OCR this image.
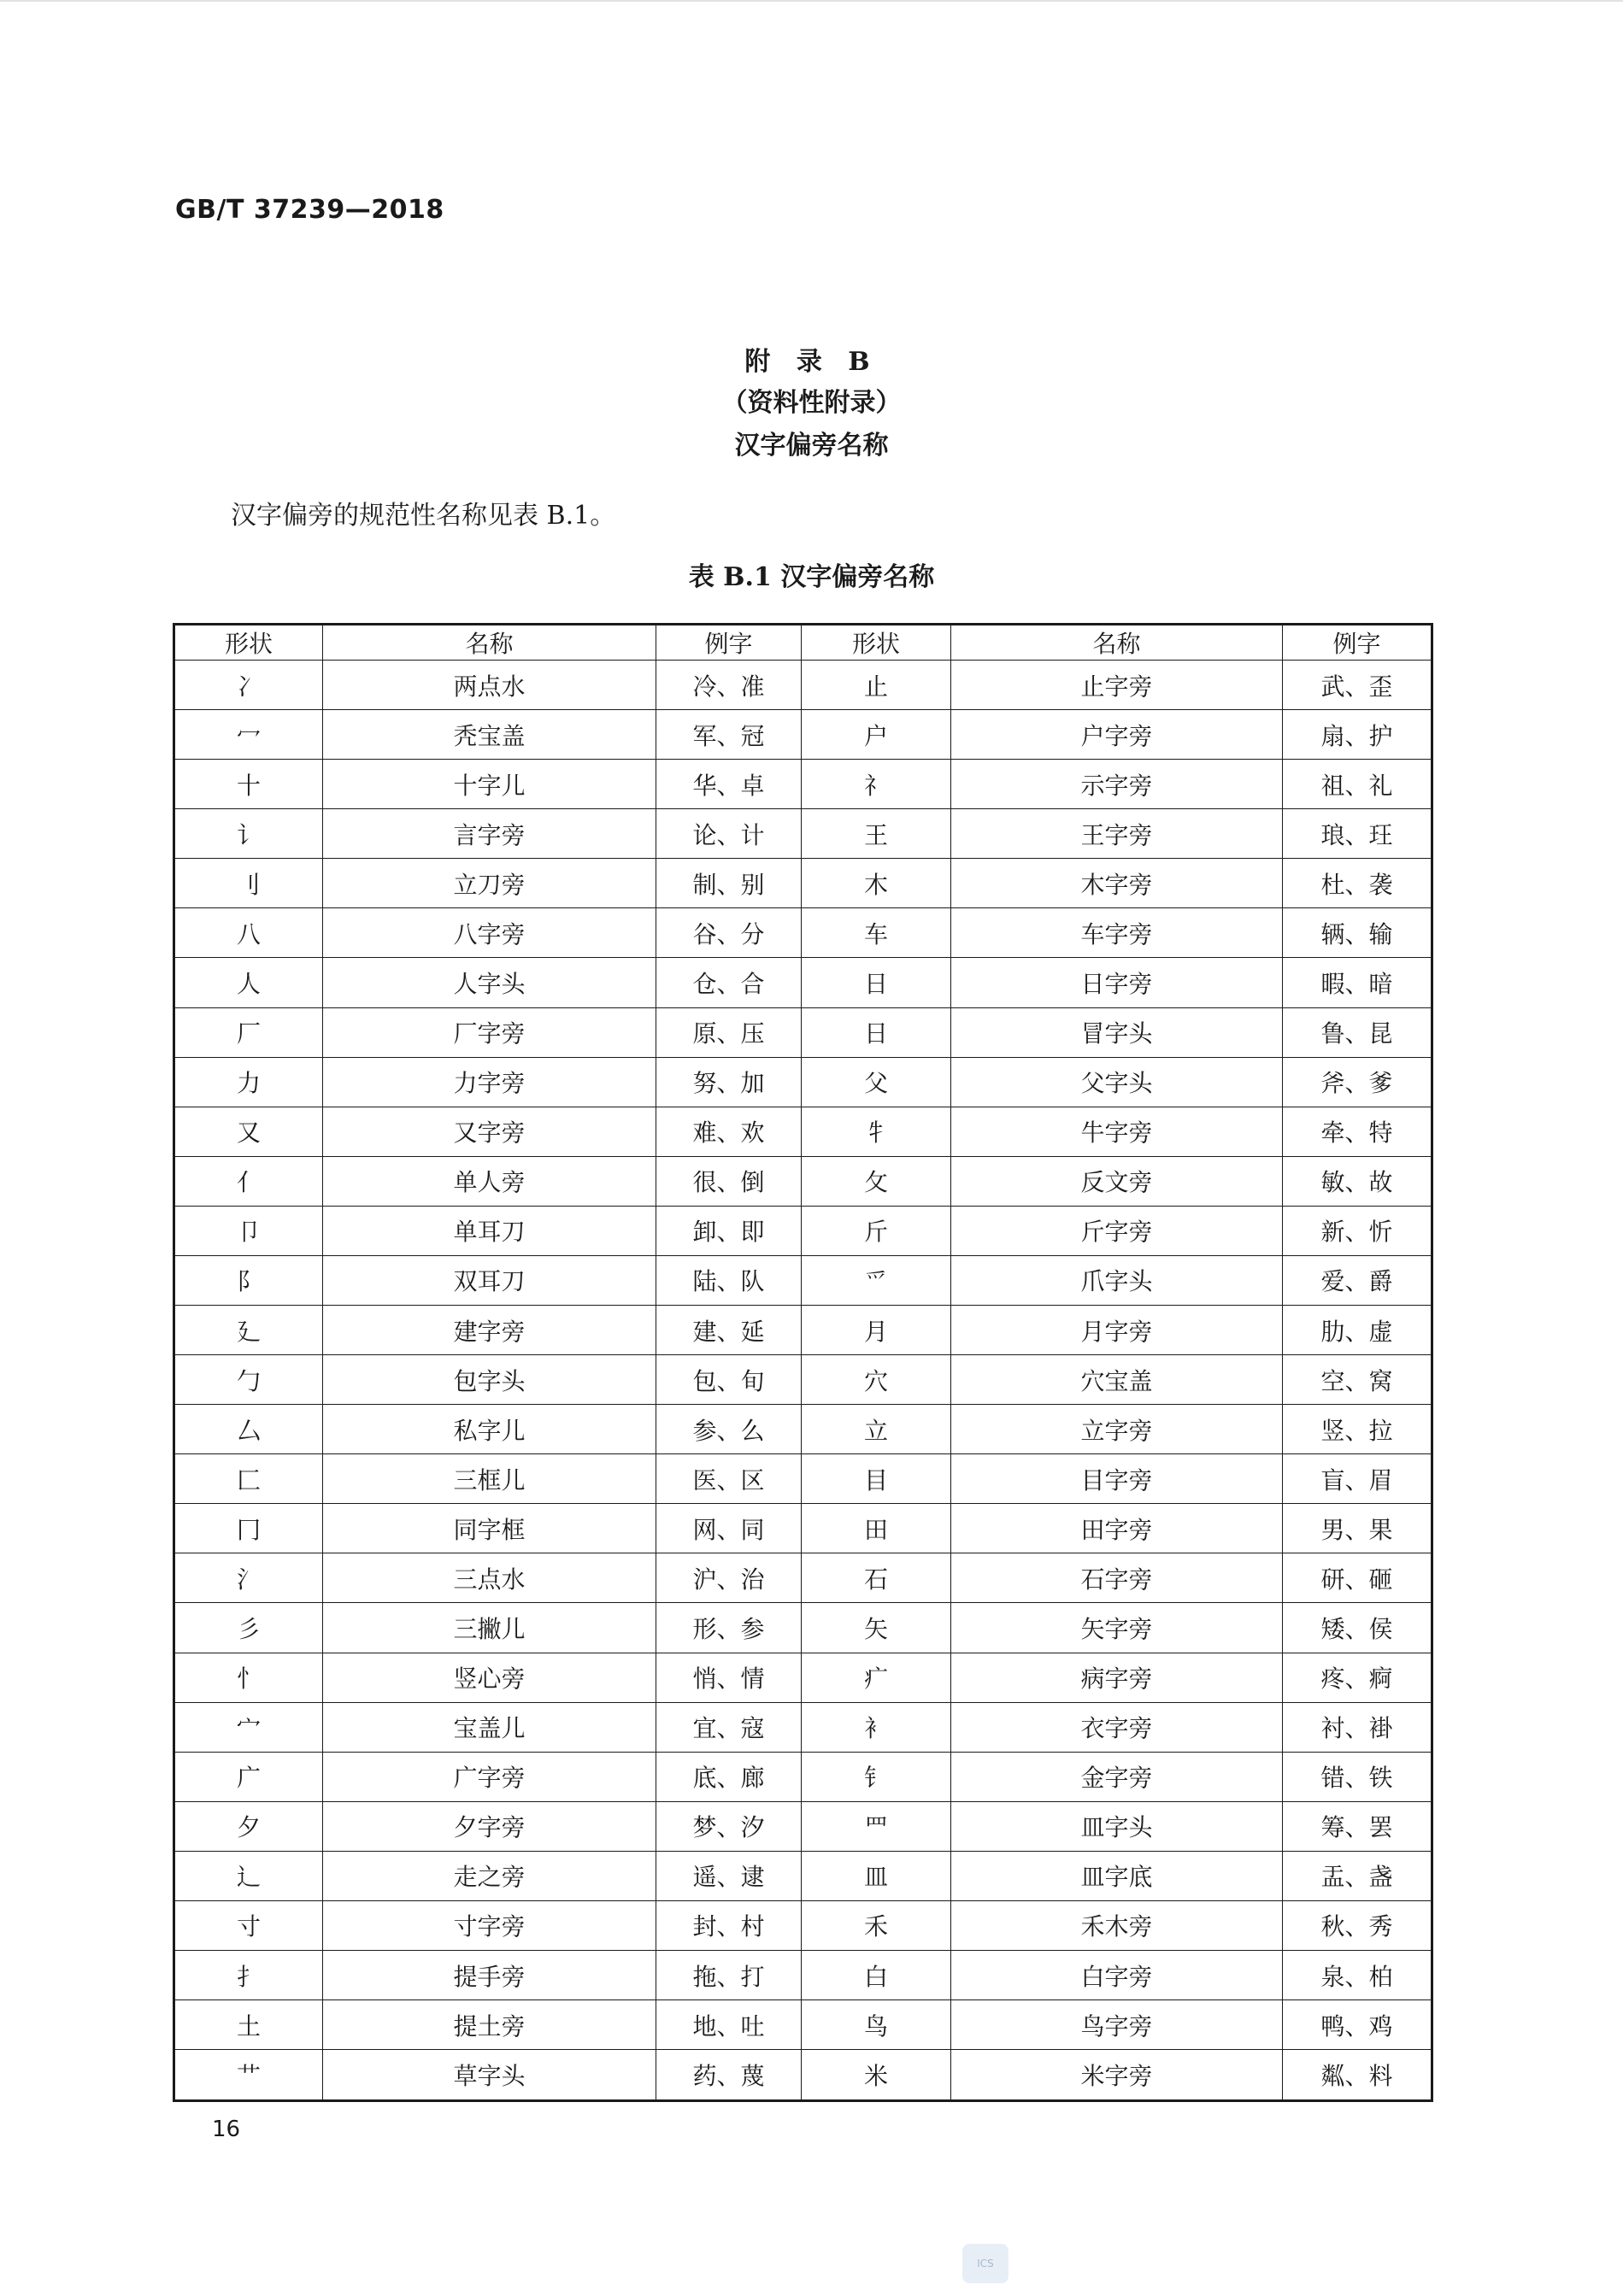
GB/T 37239—2018
附 录 B
（资料性附录）
汉字偏旁名称
汉字偏旁的规范性名称见表 B.1。
表 B.1 汉字偏旁名称
形状	名称	例字	形状	名称	例字
冫	两点水	冷、准	止	止字旁	武、歪
冖	秃宝盖	军、冠	户	户字旁	扇、护
十	十字儿	华、卓	礻	示字旁	祖、礼
讠	言字旁	论、计	王	王字旁	琅、玨
刂	立刀旁	制、别	木	木字旁	杜、袭
八	八字旁	谷、分	车	车字旁	辆、输
人	人字头	仓、合	日	日字旁	暇、暗
厂	厂字旁	原、压	日	冒字头	鲁、昆
力	力字旁	努、加	父	父字头	斧、爹
又	又字旁	难、欢	牜	牛字旁	牵、特
亻	单人旁	很、倒	攵	反文旁	敏、故
卩	单耳刀	卸、即	斤	斤字旁	新、忻
阝	双耳刀	陆、队	爫	爪字头	爱、爵
廴	建字旁	建、延	月	月字旁	肋、虚
勹	包字头	包、旬	穴	穴宝盖	空、窝
厶	私字儿	参、么	立	立字旁	竖、拉
匚	三框儿	医、区	目	目字旁	盲、眉
冂	同字框	网、同	田	田字旁	男、果
氵	三点水	沪、治	石	石字旁	研、砸
彡	三撇儿	形、参	矢	矢字旁	矮、侯
忄	竖心旁	悄、情	疒	病字旁	疼、痾
宀	宝盖儿	宜、寇	衤	衣字旁	衬、褂
广	广字旁	底、廊	钅	金字旁	错、铁
夕	夕字旁	梦、汐	罒	皿字头	筹、罢
辶	走之旁	遥、逮	皿	皿字底	盂、盏
寸	寸字旁	封、村	禾	禾木旁	秋、秀
扌	提手旁	拖、打	白	白字旁	泉、柏
土	提土旁	地、吐	鸟	鸟字旁	鸭、鸡
艹	草字头	药、蔑	米	米字旁	粼、料
16
ICS
